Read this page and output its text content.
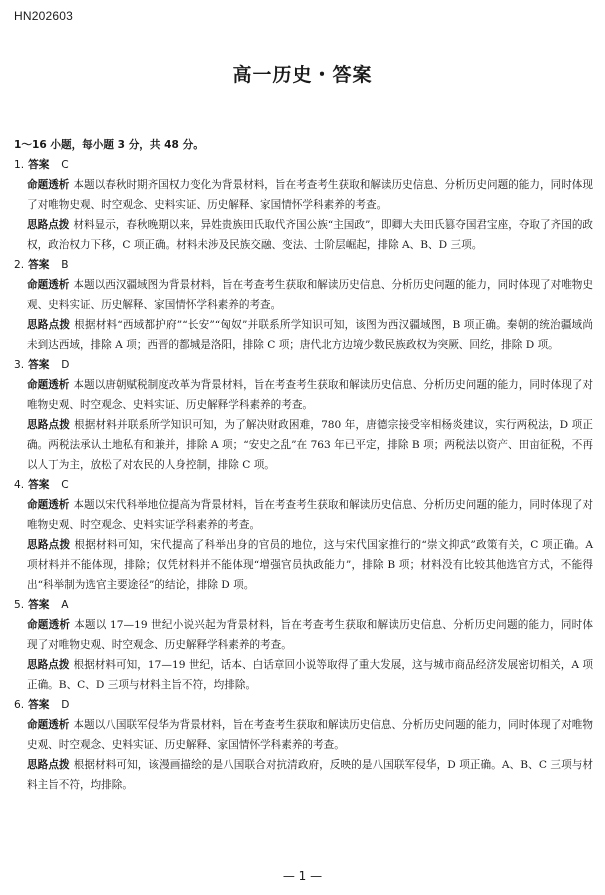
HN202603
高一历史・答案
1～16 小题，每小题 3 分，共 48 分。
1. 答案 C

命题透析 本题以春秋时期齐国权力变化为背景材料，旨在考查考生获取和解读历史信息、分析历史问题的能力，同时体现了对唯物史观、时空观念、史料实证、历史解释、家国情怀学科素养的考查。

思路点拨 材料显示，春秋晚期以来，异姓贵族田氏取代齐国公族“主国政”，即卿大夫田氏篡夺国君宝座，夺取了齐国的政权，政治权力下移，C 项正确。材料未涉及民族交融、变法、士阶层崛起，排除 A、B、D 三项。

2. 答案 B

命题透析 本题以西汉疆域图为背景材料，旨在考查考生获取和解读历史信息、分析历史问题的能力，同时体现了对唯物史观、史料实证、历史解释、家国情怀学科素养的考查。

思路点拨 根据材料“西域都护府”“长安”“匈奴”并联系所学知识可知，该图为西汉疆域图，B 项正确。秦朝的统治疆域尚未到达西域，排除 A 项；西晋的都城是洛阳，排除 C 项；唐代北方边境少数民族政权为突厥、回纥，排除 D 项。

3. 答案 D

命题透析 本题以唐朝赋税制度改革为背景材料，旨在考查考生获取和解读历史信息、分析历史问题的能力，同时体现了对唯物史观、时空观念、史料实证、历史解释学科素养的考查。

思路点拨 根据材料并联系所学知识可知，为了解决财政困难，780 年，唐德宗接受宰相杨炎建议，实行两税法，D 项正确。两税法承认土地私有和兼并，排除 A 项；“安史之乱”在 763 年已平定，排除 B 项；两税法以资产、田亩征税，不再以人丁为主，放松了对农民的人身控制，排除 C 项。

4. 答案 C

命题透析 本题以宋代科举地位提高为背景材料，旨在考查考生获取和解读历史信息、分析历史问题的能力，同时体现了对唯物史观、时空观念、史料实证学科素养的考查。

思路点拨 根据材料可知，宋代提高了科举出身的官员的地位，这与宋代国家推行的“崇文抑武”政策有关，C 项正确。A 项材料并不能体现，排除；仅凭材料并不能体现“增强官员执政能力”，排除 B 项；材料没有比较其他选官方式，不能得出“科举制为选官主要途径”的结论，排除 D 项。

5. 答案 A

命题透析 本题以 17—19 世纪小说兴起为背景材料，旨在考查考生获取和解读历史信息、分析历史问题的能力，同时体现了对唯物史观、时空观念、历史解释学科素养的考查。

思路点拨 根据材料可知，17—19 世纪，话本、白话章回小说等取得了重大发展，这与城市商品经济发展密切相关，A 项正确。B、C、D 三项与材料主旨不符，均排除。

6. 答案 D

命题透析 本题以八国联军侵华为背景材料，旨在考查考生获取和解读历史信息、分析历史问题的能力，同时体现了对唯物史观、时空观念、史料实证、历史解释、家国情怀学科素养的考查。

思路点拨 根据材料可知，该漫画描绘的是八国联合对抗清政府，反映的是八国联军侵华，D 项正确。A、B、C 三项与材料主旨不符，均排除。

— 1 —
